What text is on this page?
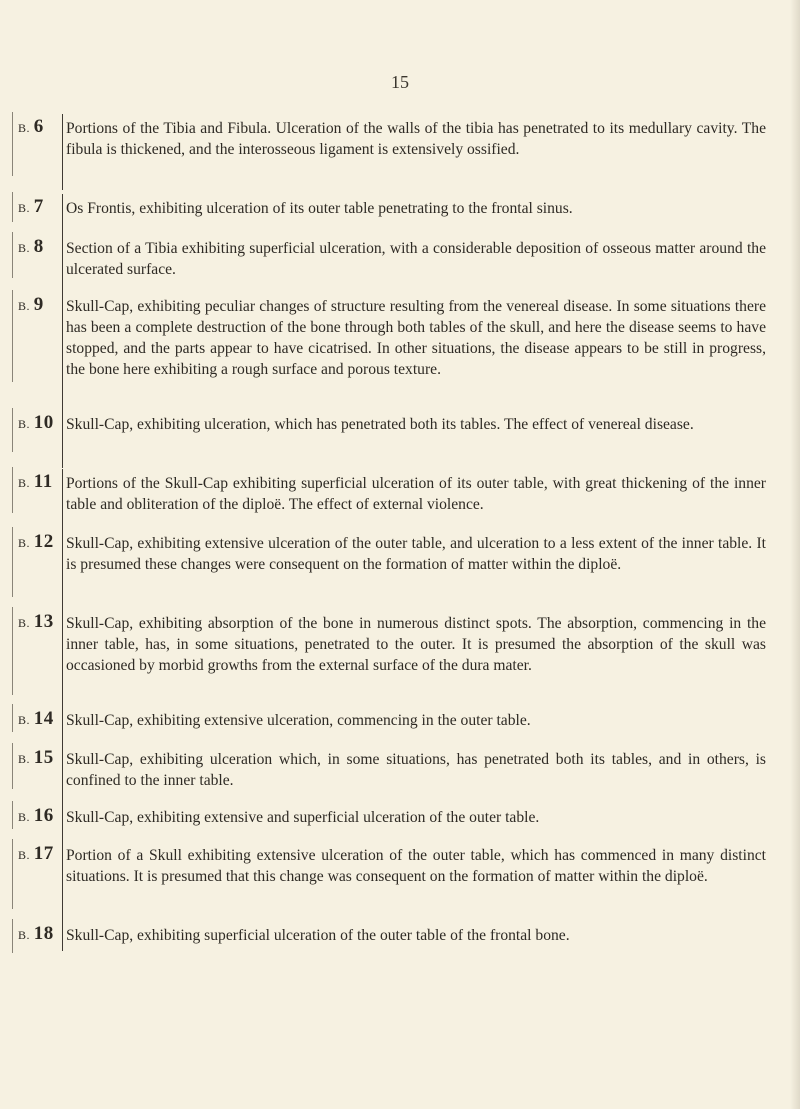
15
B. 6	Portions of the Tibia and Fibula. Ulceration of the walls of the tibia has penetrated to its medullary cavity. The fibula is thickened, and the interosseous ligament is extensively ossified.
B. 7	Os Frontis, exhibiting ulceration of its outer table penetrating to the frontal sinus.
B. 8	Section of a Tibia exhibiting superficial ulceration, with a considerable deposition of osseous matter around the ulcerated surface.
B. 9	Skull-Cap, exhibiting peculiar changes of structure resulting from the venereal disease. In some situations there has been a complete destruction of the bone through both tables of the skull, and here the disease seems to have stopped, and the parts appear to have cicatrised. In other situations, the disease appears to be still in progress, the bone here exhibiting a rough surface and porous texture.
B. 10 Skull-Cap, exhibiting ulceration, which has penetrated both its tables. The effect of venereal disease.
B. 11 Portions of the Skull-Cap exhibiting superficial ulceration of its outer table, with great thickening of the inner table and obliteration of the diploë. The effect of external violence.
B. 12 Skull-Cap, exhibiting extensive ulceration of the outer table, and ulceration to a less extent of the inner table. It is presumed these changes were consequent on the formation of matter within the diploë.
B. 13 Skull-Cap, exhibiting absorption of the bone in numerous distinct spots. The absorption, commencing in the inner table, has, in some situations, penetrated to the outer. It is presumed the absorption of the skull was occasioned by morbid growths from the external surface of the dura mater.
B. 14 Skull-Cap, exhibiting extensive ulceration, commencing in the outer table.
B. 15 Skull-Cap, exhibiting ulceration which, in some situations, has penetrated both its tables, and in others, is confined to the inner table.
B. 16 Skull-Cap, exhibiting extensive and superficial ulceration of the outer table.
B. 17 Portion of a Skull exhibiting extensive ulceration of the outer table, which has commenced in many distinct situations. It is presumed that this change was consequent on the formation of matter within the diploë.
B. 18 Skull-Cap, exhibiting superficial ulceration of the outer table of the frontal bone.
